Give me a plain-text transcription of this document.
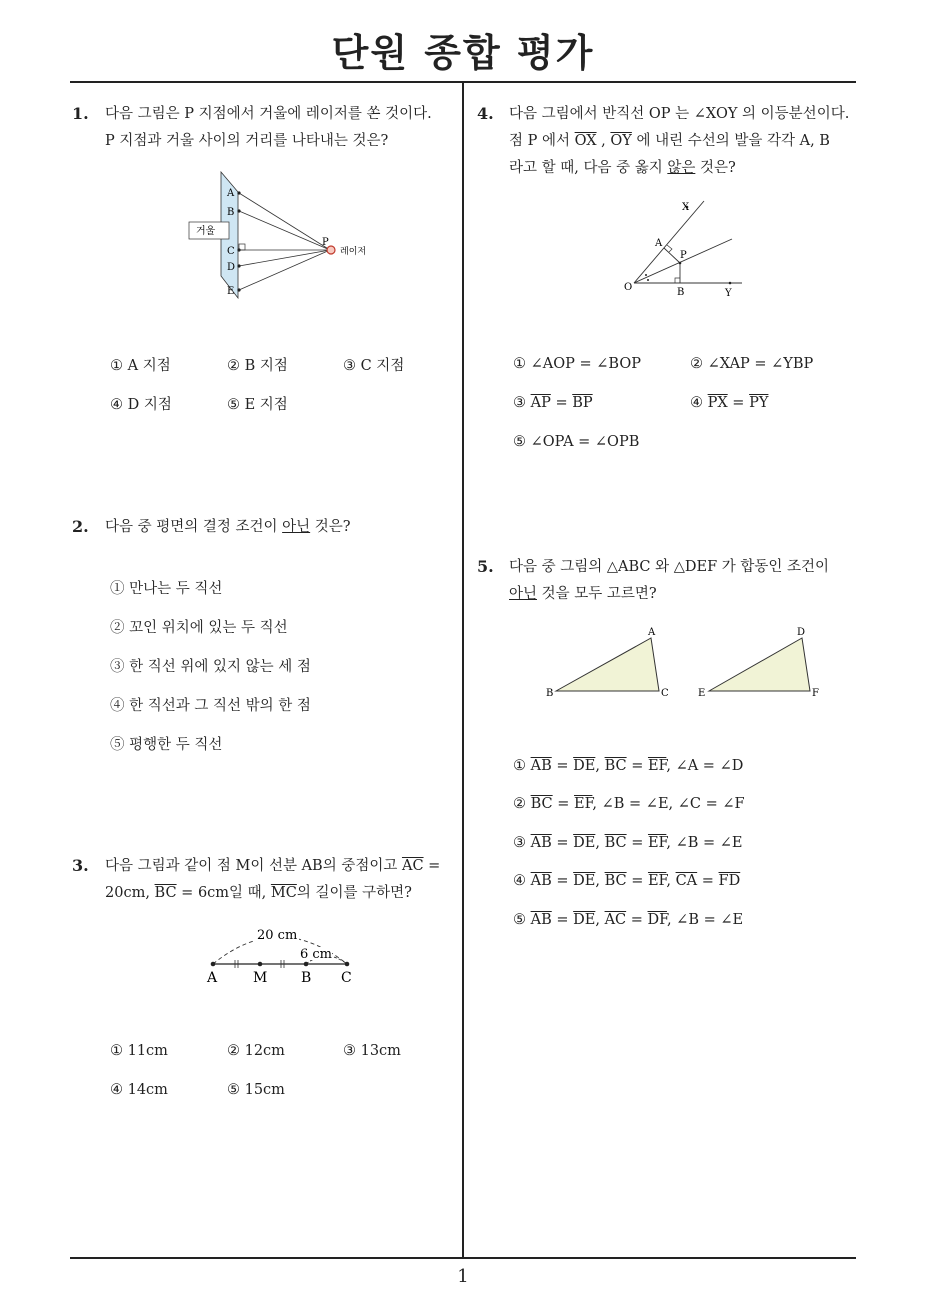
단원 종합 평가
1
1. 다음 그림은 P 지점에서 거울에 레이저를 쏜 것이다.
P 지점과 거울 사이의 거리를 나타내는 것은?
거울
A
B
C
D
E
P
레이저
① A 지점	② B 지점	③ C 지점
④ D 지점	⑤ E 지점
2. 다음 중 평면의 결정 조건이 아닌 것은?
① 만나는 두 직선
② 꼬인 위치에 있는 두 직선
③ 한 직선 위에 있지 않는 세 점
④ 한 직선과 그 직선 밖의 한 점
⑤ 평행한 두 직선
3. 다음 그림과 같이 점 M이 선분 AB의 중점이고 $\overline{AC}$ =
20cm, $\overline{BC} = 6cm$일 때, $\overline{MC}$의 길이를 구하면?
20 cm
6 cm
A	M B C
① 11cm	② 12cm	③ 13cm
④ 14cm	⑤ 15cm
4. 다음 그림에서 반직선 OP 는 ∠XOY 의 이등분선이다.
점 P 에서 $\overline{OX}$ , $\overline{OY}$ 에 내린 수선의 발을 각각 A, B
라고 할 때, 다음 중 옳지 않은 것은?
X
A
P
O	B	Y
① ∠AOP = ∠BOP	② ∠XAP = ∠YBP
③ $\overline{AP} = \overline{BP}$	④ $\overline{PX} = \overline{PY}$
⑤ ∠OPA = ∠OPB
5. 다음 중 그림의 △ABC 와 △DEF 가 합동인 조건이
아닌 것을 모두 고르면?
A
B	C
D
E	F
① $\overline{AB} = \overline{DE}$, $\overline{BC} = \overline{EF}$, ∠A = ∠D
② $\overline{BC} = \overline{EF}$, ∠B = ∠E, ∠C = ∠F
③ $\overline{AB} = \overline{DE}$, $\overline{BC} = \overline{EF}$, ∠B = ∠E
④ $\overline{AB} = \overline{DE}$, $\overline{BC} = \overline{EF}$, $\overline{CA} = \overline{FD}$
⑤ $\overline{AB} = \overline{DE}$, $\overline{AC} = \overline{DF}$, ∠B = ∠E
